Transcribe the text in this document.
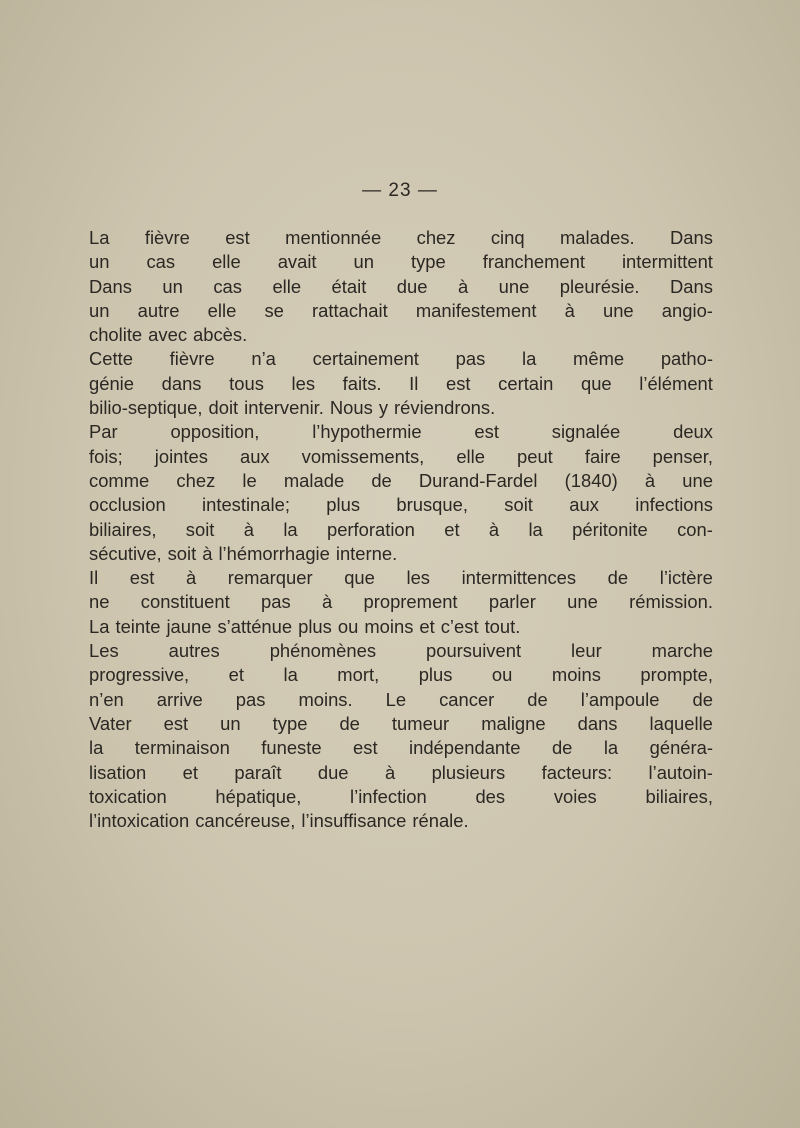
— 23 —
La fièvre est mentionnée chez cinq malades. Dans
un cas elle avait un type franchement intermittent
Dans un cas elle était due à une pleurésie. Dans
un autre elle se rattachait manifestement à une angio-
cholite avec abcès.
Cette fièvre n’a certainement pas la même patho-
génie dans tous les faits. Il est certain que l’élément
bilio-septique, doit intervenir. Nous y réviendrons.
Par	opposition,	l’hypothermie	est	signalée	deux
fois; jointes aux vomissements, elle peut faire penser,
comme chez le malade de Durand-Fardel (1840) à une
occlusion intestinale; plus brusque, soit aux infections
biliaires, soit à la perforation et à la péritonite con-
sécutive, soit à l’hémorrhagie interne.
Il est à remarquer que les intermittences de l’ictère
ne constituent pas à proprement parler une rémission.
La teinte jaune s’atténue plus ou moins et c’est tout.
Les	autres	phénomènes	poursuivent	leur	marche
progressive, et la mort, plus ou moins prompte,
n’en arrive pas moins. Le cancer de l’ampoule de
Vater est un type de tumeur maligne dans laquelle
la terminaison funeste est indépendante de la généra-
lisation et paraît due à plusieurs facteurs: l’autoin-
toxication	hépatique,	l’infection	des	voies	biliaires,
l’intoxication cancéreuse, l’insuffisance rénale.
